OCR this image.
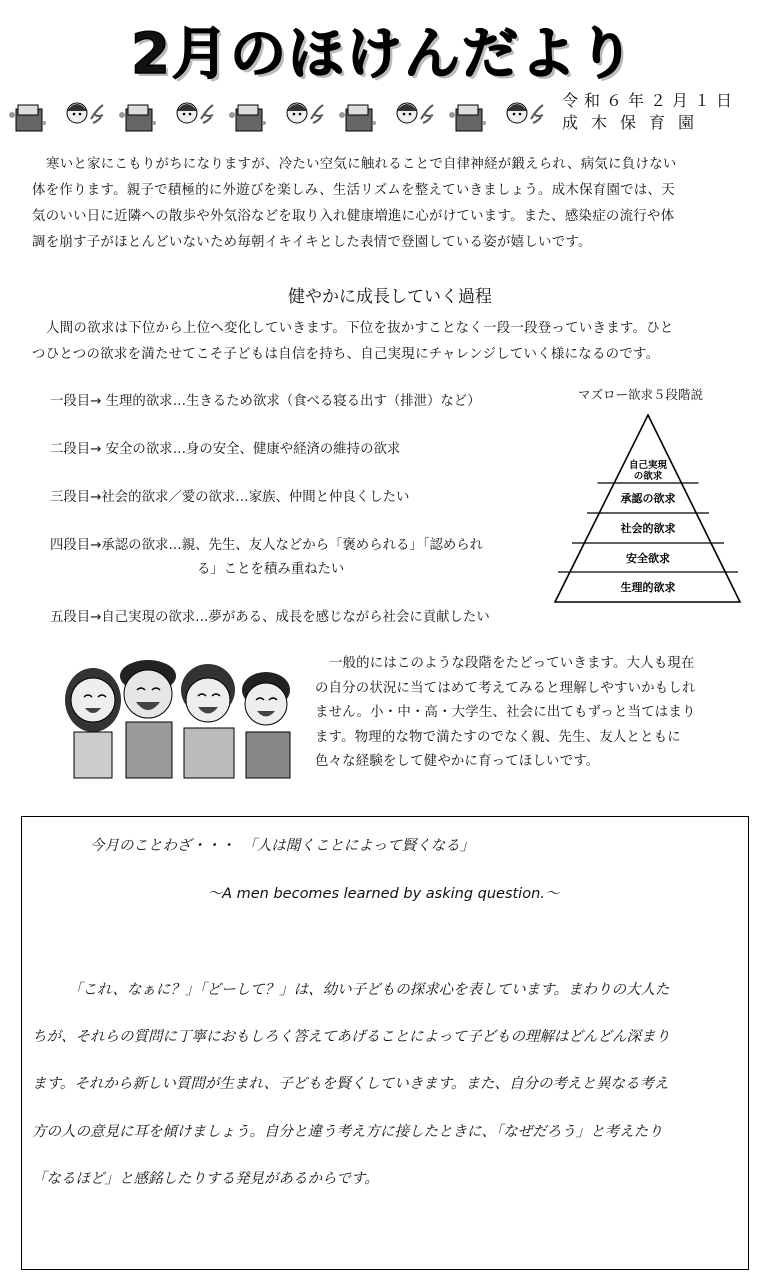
2月のほけんだより
令和６年２月１日
成木保育園
寒いと家にこもりがちになりますが、冷たい空気に触れることで自律神経が鍛えられ、病気に負けない
体を作ります。親子で積極的に外遊びを楽しみ、生活リズムを整えていきましょう。成木保育園では、天
気のいい日に近隣への散歩や外気浴などを取り入れ健康増進に心がけています。また、感染症の流行や体
調を崩す子がほとんどいないため毎朝イキイキとした表情で登園している姿が嬉しいです。
健やかに成長していく過程
人間の欲求は下位から上位へ変化していきます。下位を抜かすことなく一段一段登っていきます。ひと
つひとつの欲求を満たせてこそ子どもは自信を持ち、自己実現にチャレンジしていく様になるのです。
一段目→ 生理的欲求…生きるため欲求（食べる寝る出す（排泄）など）
二段目→ 安全の欲求…身の安全、健康や経済の維持の欲求
三段目→社会的欲求／愛の欲求…家族、仲間と仲良くしたい
四段目→承認の欲求…親、先生、友人などから「褒められる」「認められ
る」ことを積み重ねたい
五段目→自己実現の欲求…夢がある、成長を感じながら社会に貢献したい
マズロー欲求５段階説
自己実現
の欲求
承認の欲求
社会的欲求
安全欲求
生理的欲求
一般的にはこのような段階をたどっていきます。大人も現在
の自分の状況に当てはめて考えてみると理解しやすいかもしれ
ません。小・中・高・大学生、社会に出てもずっと当てはまり
ます。物理的な物で満たすのでなく親、先生、友人とともに
色々な経験をして健やかに育ってほしいです。
今月のことわざ・・・　「人は聞くことによって賢くなる」
～A men becomes learned by asking question.～
「これ、なぁに？」「どーして？」は、幼い子どもの探求心を表しています。まわりの大人た
ちが、それらの質問に丁寧におもしろく答えてあげることによって子どもの理解はどんどん深まり
ます。それから新しい質問が生まれ、子どもを賢くしていきます。また、自分の考えと異なる考え
方の人の意見に耳を傾けましょう。自分と違う考え方に接したときに、「なぜだろう」と考えたり
「なるほど」と感銘したりする発見があるからです。
